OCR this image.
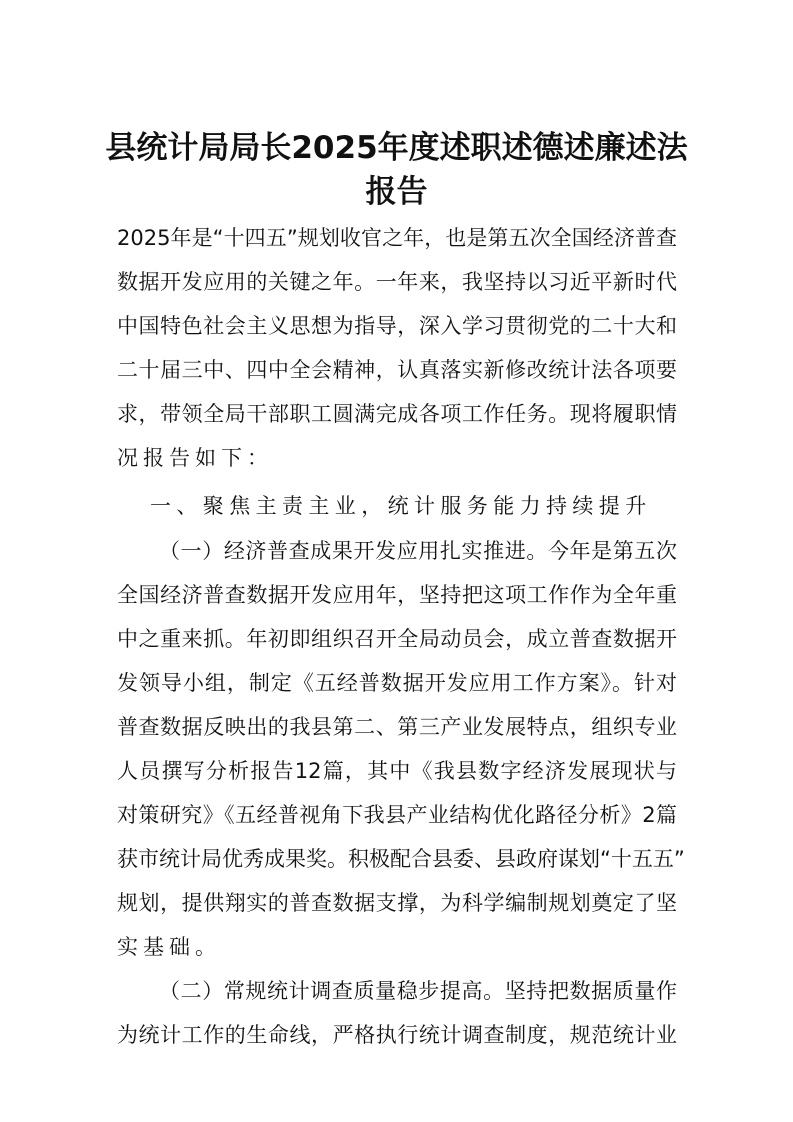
县统计局局长2025年度述职述德述廉述法
报告
2025年是“十四五”规划收官之年，也是第五次全国经济普查
数据开发应用的关键之年。一年来，我坚持以习近平新时代
中国特色社会主义思想为指导，深入学习贯彻党的二十大和
二十届三中、四中全会精神，认真落实新修改统计法各项要
求，带领全局干部职工圆满完成各项工作任务。现将履职情
况报告如下：
一、聚焦主责主业，统计服务能力持续提升
（一）经济普查成果开发应用扎实推进。今年是第五次
全国经济普查数据开发应用年，坚持把这项工作作为全年重
中之重来抓。年初即组织召开全局动员会，成立普查数据开
发领导小组，制定《五经普数据开发应用工作方案》。针对
普查数据反映出的我县第二、第三产业发展特点，组织专业
人员撰写分析报告12篇，其中《我县数字经济发展现状与
对策研究》《五经普视角下我县产业结构优化路径分析》2篇
获市统计局优秀成果奖。积极配合县委、县政府谋划“十五五”
规划，提供翔实的普查数据支撑，为科学编制规划奠定了坚
实基础。
（二）常规统计调查质量稳步提高。坚持把数据质量作
为统计工作的生命线，严格执行统计调查制度，规范统计业
